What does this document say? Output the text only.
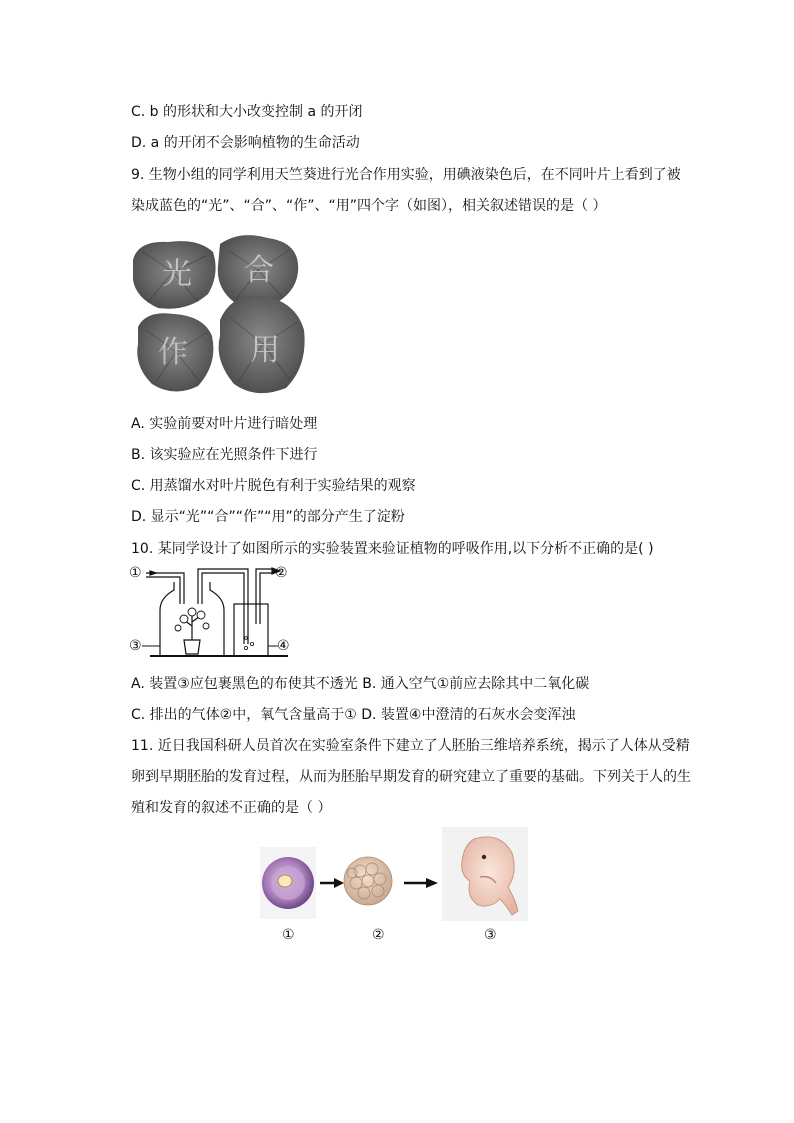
C. b 的形状和大小改变控制 a 的开闭
D. a 的开闭不会影响植物的生命活动
9. 生物小组的同学利用天竺葵进行光合作用实验，用碘液染色后，在不同叶片上看到了被
染成蓝色的“光”、“合”、“作”、“用”四个字（如图），相关叙述错误的是（ ）
光 合
作 用
A. 实验前要对叶片进行暗处理
B. 该实验应在光照条件下进行
C. 用蒸馏水对叶片脱色有利于实验结果的观察
D. 显示“光”“合”“作”“用”的部分产生了淀粉
10. 某同学设计了如图所示的实验装置来验证植物的呼吸作用,以下分析不正确的是( )
①	②
③	④
A. 装置③应包裹黑色的布使其不透光 B. 通入空气①前应去除其中二氧化碳
C. 排出的气体②中，氧气含量高于① D. 装置④中澄清的石灰水会变浑浊
11. 近日我国科研人员首次在实验室条件下建立了人胚胎三维培养系统，揭示了人体从受精
卵到早期胚胎的发育过程，从而为胚胎早期发育的研究建立了重要的基础。下列关于人的生
殖和发育的叙述不正确的是（ ）
①	②	③
